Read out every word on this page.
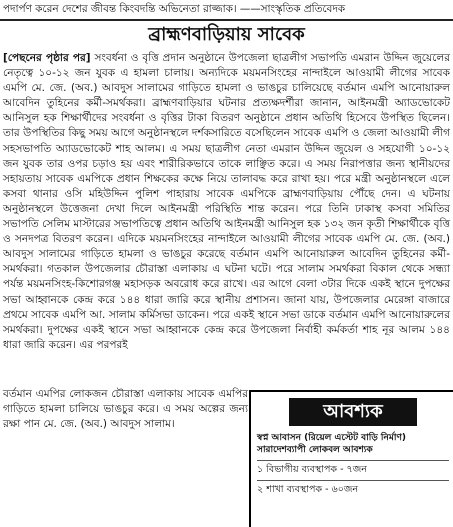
পদার্পণ করেন দেশের জীবন্ত কিংবদন্তি অভিনেতা রাজ্জাক। ——সাংস্কৃতিক প্রতিবেদক
ব্রাহ্মণবাড়িয়ায় সাবেক
[পেছনের পৃষ্ঠার পর] সংবর্ধনা ও বৃত্তি প্রদান অনুষ্ঠানে উপজেলা ছাত্রলীগ সভাপতি এমরান উদ্দিন জুয়েলের নেতৃত্বে ১০-১২ জন যুবক এ হামলা চালায়। অন্যদিকে ময়মনসিংহের নান্দাইলে আওয়ামী লীগের সাবেক এমপি মে. জে. (অব.) আবদুস সালামের গাড়িতে হামলা ও ভাঙচুর চালিয়েছে বর্তমান এমপি আনোয়ারুল আবেদিন তুহিনের কর্মী-সমর্থকরা। ব্রাহ্মণবাড়িয়ার ঘটনার প্রত্যক্ষদর্শীরা জানান, আইনমন্ত্রী অ্যাডভোকেট আনিসুল হক শিক্ষার্থীদের সংবর্ধনা ও বৃত্তির টাকা বিতরণ অনুষ্ঠানে প্রধান অতিথি হিসেবে উপস্থিত ছিলেন। তার উপস্থিতির কিছু সময় আগে অনুষ্ঠানস্থলে দর্শকসারিতে বসেছিলেন সাবেক এমপি ও জেলা আওয়ামী লীগ সহসভাপতি অ্যাডভোকেট শাহ আলম। এ সময় ছাত্রলীগ নেতা এমরান উদ্দিন জুয়েল ও সহযোগী ১০-১২ জন যুবক তার ওপর চড়াও হয় এবং শারীরিকভাবে তাকে লাঞ্ছিত করে। এ সময় নিরাপত্তার জন্য স্থানীয়দের সহায়তায় সাবেক এমপিকে প্রধান শিক্ষকের কক্ষে নিয়ে তালাবদ্ধ করে রাখা হয়। পরে মন্ত্রী অনুষ্ঠানস্থলে এলে কসবা থানার ওসি মহিউদ্দিন পুলিশ পাহারায় সাবেক এমপিকে ব্রাহ্মণবাড়িয়ায় পৌঁছে দেন। এ ঘটনায় অনুষ্ঠানস্থলে উত্তেজনা দেখা দিলে আইনমন্ত্রী পরিস্থিতি শান্ত করেন। পরে তিনি ঢাকাস্থ কসবা সমিতির সভাপতি সেলিম মাস্টারের সভাপতিত্বে প্রধান অতিথি আইনমন্ত্রী আনিসুল হক ১৩২ জন কৃতী শিক্ষার্থীকে বৃত্তি ও সনদপত্র বিতরণ করেন। এদিকে ময়মনসিংহের নান্দাইলে আওয়ামী লীগের সাবেক এমপি মে. জে. (অব.) আবদুস সালামের গাড়িতে হামলা ও ভাঙচুর করেছে বর্তমান এমপি আনোয়ারুল আবেদিন তুহিনের কর্মী-সমর্থকরা। গতকাল উপজেলার চৌরাস্তা এলাকায় এ ঘটনা ঘটে। পরে সালাম সমর্থকরা বিকাল থেকে সন্ধ্যা পর্যন্ত ময়মনসিংহ-কিশোরগঞ্জ মহাসড়ক অবরোধ করে রাখে। এর আগে বেলা ৩টার দিকে একই স্থানে দুপক্ষের সভা আহ্বানকে কেন্দ্র করে ১৪৪ ধারা জারি করে স্থানীয় প্রশাসন। জানা যায়, উপজেলার মেরেঙ্গা বাজারে প্রথমে সাবেক এমপি আ. সালাম কর্মিসভা ডাকেন। পরে একই স্থানে সভা ডাকে বর্তমান এমপি আনোয়ারুলের সমর্থকরা। দুপক্ষের একই স্থানে সভা আহ্বানকে কেন্দ্র করে উপজেলা নির্বাহী কর্মকর্তা শাহ নূর আলম ১৪৪ ধারা জারি করেন। এর পরপরই
বর্তমান এমপির লোকজন চৌরাস্তা এলাকায় সাবেক এমপির গাড়িতে হামলা চালিয়ে ভাঙচুর করে। এ সময় অল্পের জন্য রক্ষা পান মে. জে. (অব.) আবদুস সালাম।
আবশ্যক
স্বপ্ন আবাসন (রিয়েল এস্টেট বাড়ি নির্মাণ) সারাদেশব্যাপী লোকবল আবশ্যক
১ বিভাগীয় ব্যবস্থাপক - ৭জন
২ শাখা ব্যবস্থাপক - ৬০জন
